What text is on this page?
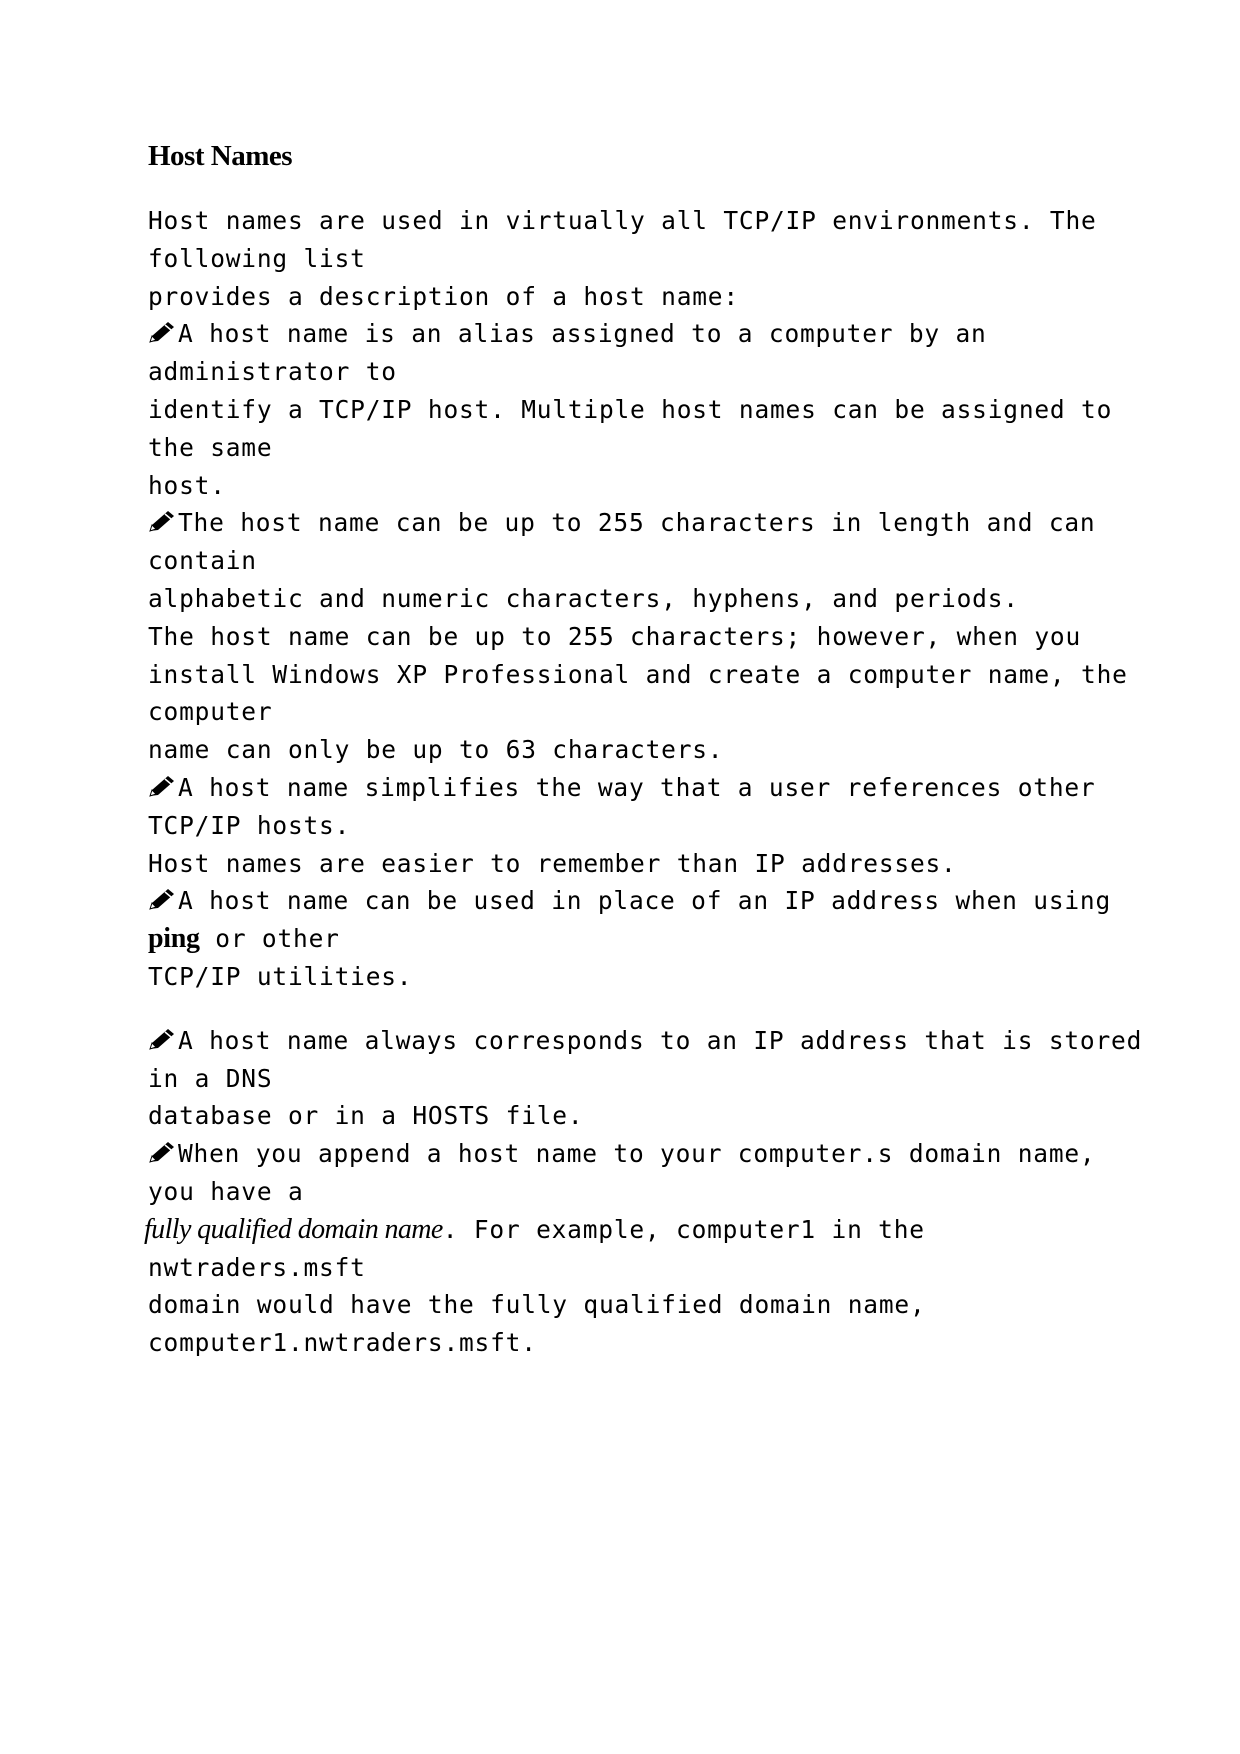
Host Names
Host names are used in virtually all TCP/IP environments. The
following list
provides a description of a host name:
A host name is an alias assigned to a computer by an
administrator to
identify a TCP/IP host. Multiple host names can be assigned to
the same
host.
The host name can be up to 255 characters in length and can
contain
alphabetic and numeric characters, hyphens, and periods.
The host name can be up to 255 characters; however, when you
install Windows XP Professional and create a computer name, the
computer
name can only be up to 63 characters.
A host name simplifies the way that a user references other
TCP/IP hosts.
Host names are easier to remember than IP addresses.
A host name can be used in place of an IP address when using
ping or other
TCP/IP utilities.
A host name always corresponds to an IP address that is stored
in a DNS
database or in a HOSTS file.
When you append a host name to your computer.s domain name,
you have a
fully qualified domain name. For example, computer1 in the
nwtraders.msft
domain would have the fully qualified domain name,
computer1.nwtraders.msft.
